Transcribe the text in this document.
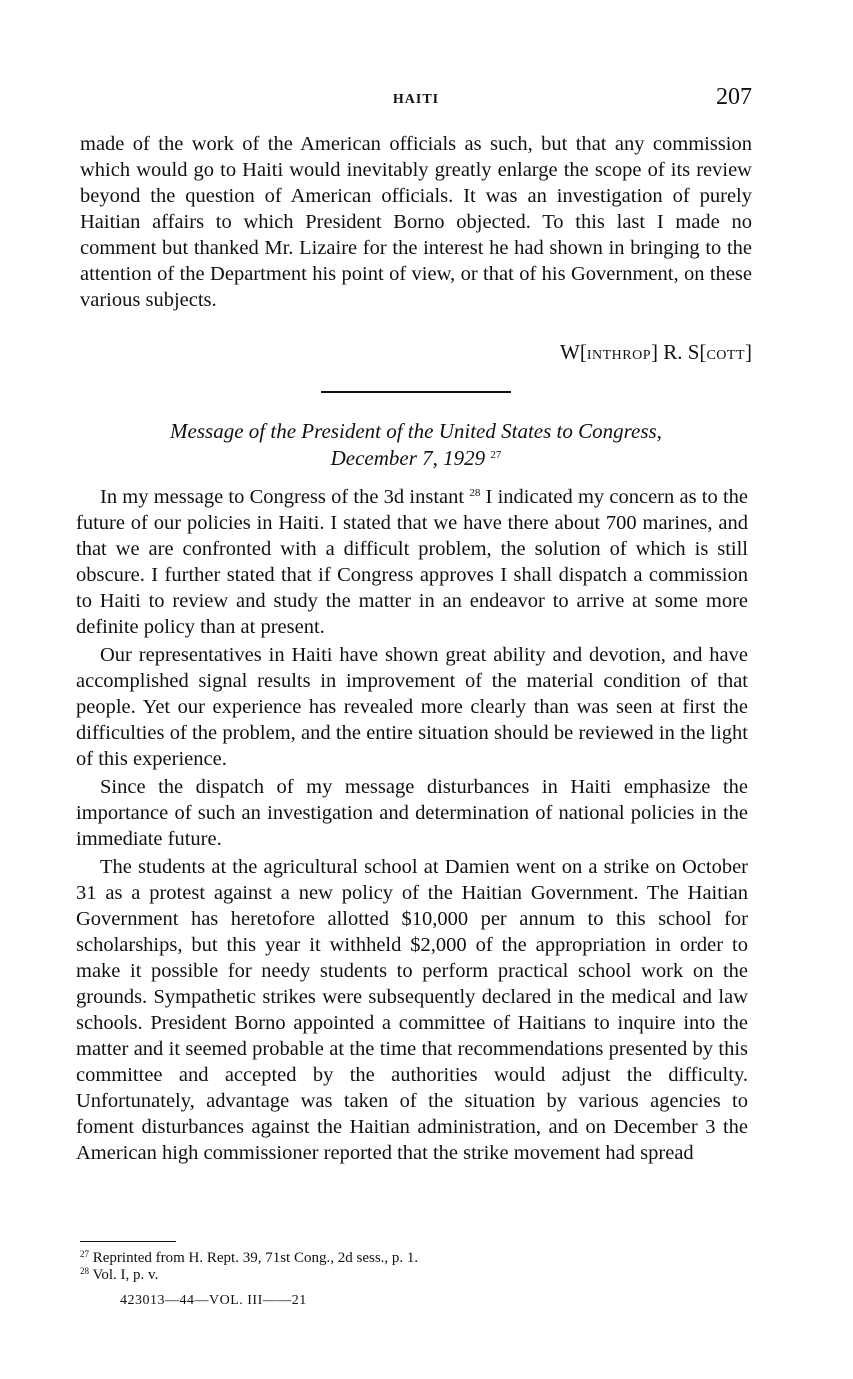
HAITI	207

made of the work of the American officials as such, but that any commission which would go to Haiti would inevitably greatly enlarge the scope of its review beyond the question of American officials. It was an investigation of purely Haitian affairs to which President Borno objected. To this last I made no comment but thanked Mr. Lizaire for the interest he had shown in bringing to the attention of the Department his point of view, or that of his Government, on these various subjects.

W[INTHROP] R. S[COTT]
Message of the President of the United States to Congress,
December 7, 1929 $^{27}$

In my message to Congress of the 3d instant $^{28}$ I indicated my concern as to the future of our policies in Haiti. I stated that we have there about 700 marines, and that we are confronted with a difficult problem, the solution of which is still obscure. I further stated that if Congress approves I shall dispatch a commission to Haiti to review and study the matter in an endeavor to arrive at some more definite policy than at present.

Our representatives in Haiti have shown great ability and devotion, and have accomplished signal results in improvement of the material condition of that people. Yet our experience has revealed more clearly than was seen at first the difficulties of the problem, and the entire situation should be reviewed in the light of this experience.

Since the dispatch of my message disturbances in Haiti emphasize the importance of such an investigation and determination of national policies in the immediate future.

The students at the agricultural school at Damien went on a strike on October 31 as a protest against a new policy of the Haitian Government. The Haitian Government has heretofore allotted $10,000 per annum to this school for scholarships, but this year it withheld $2,000 of the appropriation in order to make it possible for needy students to perform practical school work on the grounds. Sympathetic strikes were subsequently declared in the medical and law schools. President Borno appointed a committee of Haitians to inquire into the matter and it seemed probable at the time that recommendations presented by this committee and accepted by the authorities would adjust the difficulty. Unfortunately, advantage was taken of the situation by various agencies to foment disturbances against the Haitian administration, and on December 3 the American high commissioner reported that the strike movement had spread

$^{27}$ Reprinted from H. Rept. 39, 71st Cong., 2d sess., p. 1.
$^{28}$ Vol. I, p. v.
423013—44—VOL. III——21
